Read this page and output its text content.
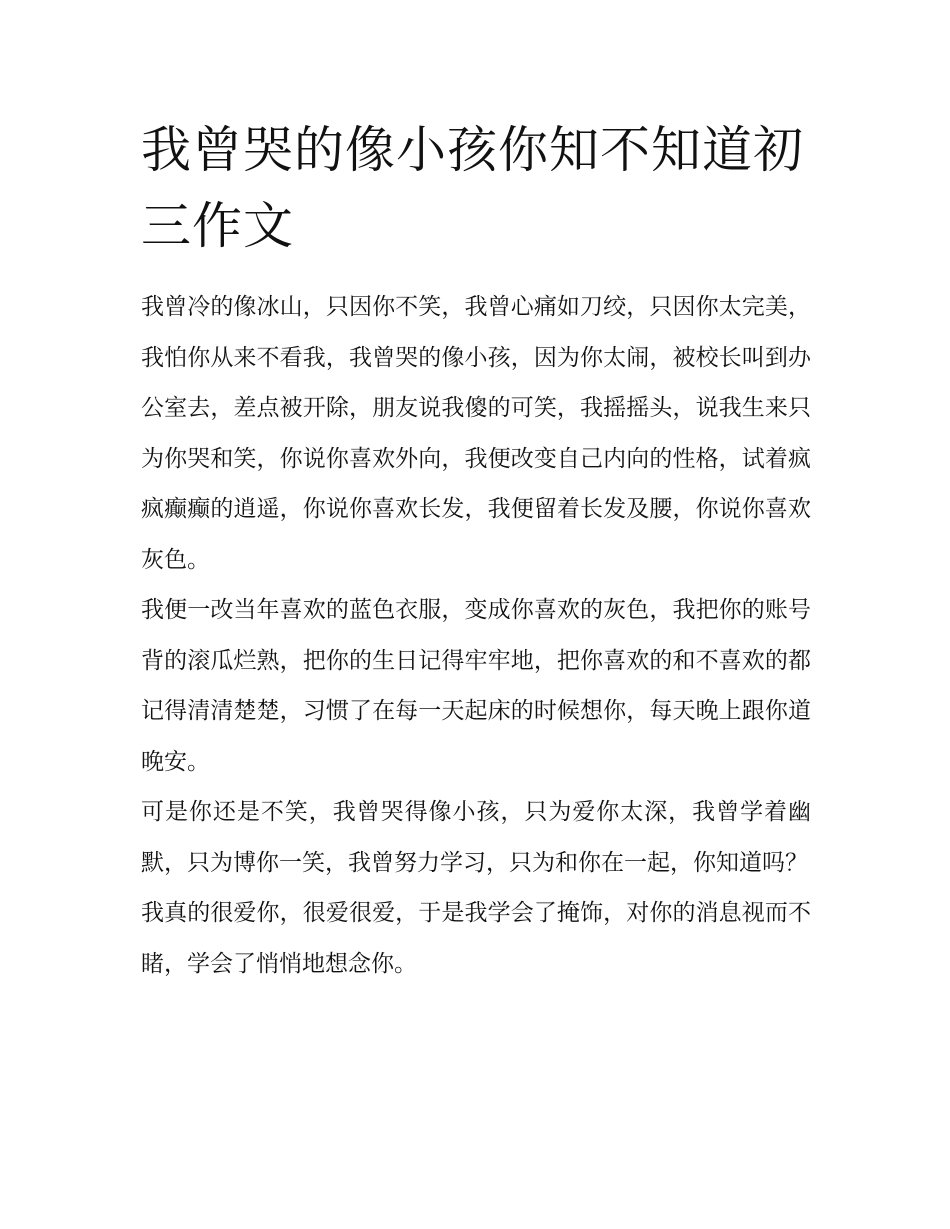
我曾哭的像小孩你知不知道初三作文

我曾冷的像冰山，只因你不笑，我曾心痛如刀绞，只因你太完美，我怕你从来不看我，我曾哭的像小孩，因为你太闹，被校长叫到办公室去，差点被开除，朋友说我傻的可笑，我摇摇头，说我生来只为你哭和笑，你说你喜欢外向，我便改变自己内向的性格，试着疯疯癫癫的逍遥，你说你喜欢长发，我便留着长发及腰，你说你喜欢灰色。

我便一改当年喜欢的蓝色衣服，变成你喜欢的灰色，我把你的账号背的滚瓜烂熟，把你的生日记得牢牢地，把你喜欢的和不喜欢的都记得清清楚楚，习惯了在每一天起床的时候想你，每天晚上跟你道晚安。

可是你还是不笑，我曾哭得像小孩，只为爱你太深，我曾学着幽默，只为博你一笑，我曾努力学习，只为和你在一起，你知道吗？

我真的很爱你，很爱很爱，于是我学会了掩饰，对你的消息视而不睹，学会了悄悄地想念你。
